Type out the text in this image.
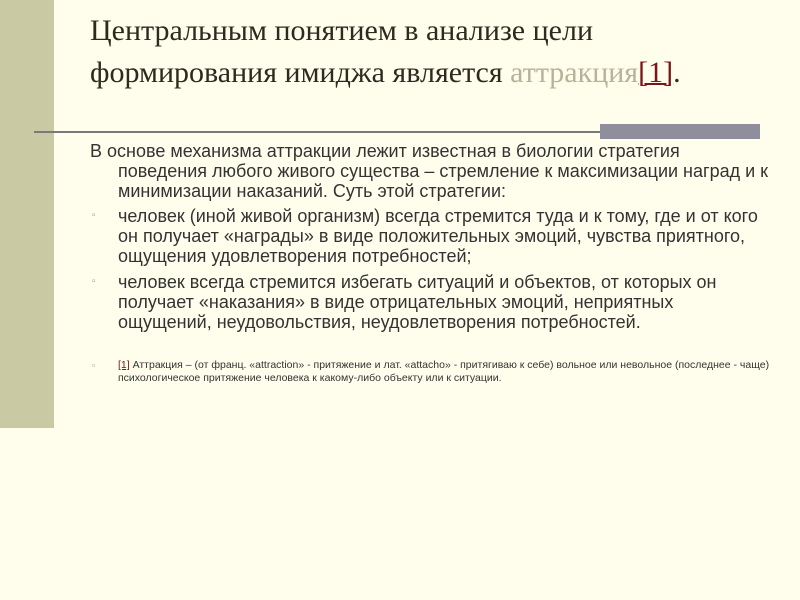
Центральным понятием в анализе цели
формирования имиджа является аттракция[1].

В основе механизма аттракции лежит известная в биологии стратегия поведения любого живого существа – стремление к максимизации наград и к минимизации наказаний. Суть этой стратегии:

▫ человек (иной живой организм) всегда стремится туда и к тому, где и от кого он получает «награды» в виде положительных эмоций, чувства приятного, ощущения удовлетворения потребностей;
▫ человек всегда стремится избегать ситуаций и объектов, от которых он получает «наказания» в виде отрицательных эмоций, неприятных ощущений, неудовольствия, неудовлетворения потребностей.
▫ [1] Аттракция – (от франц. «attraction» - притяжение и лат. «attacho» - притягиваю к себе) вольное или невольное (последнее - чаще) психологическое притяжение человека к какому-либо объекту или к ситуации.
